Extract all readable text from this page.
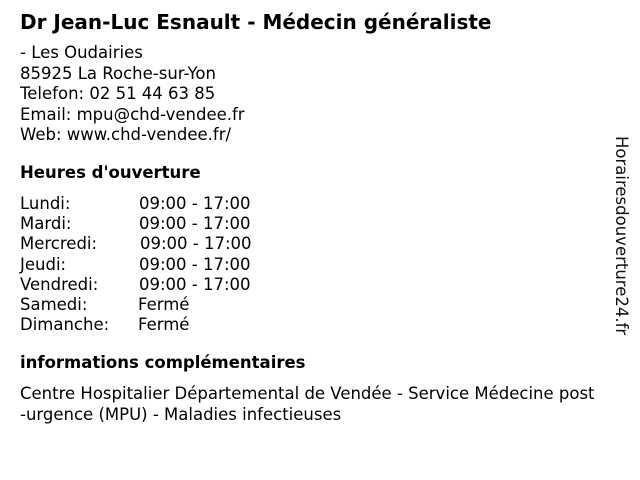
Dr Jean-Luc Esnault - Médecin généraliste
- Les Oudairies
85925 La Roche-sur-Yon
Telefon: 02 51 44 63 85
Email: mpu@chd-vendee.fr
Web: www.chd-vendee.fr/
Heures d'ouverture
Lundi:	09:00 - 17:00
Mardi:	09:00 - 17:00
Mercredi:	09:00 - 17:00
Jeudi:	09:00 - 17:00
Vendredi: 09:00 - 17:00
Samedi:	Fermé
Dimanche: Fermé
informations complémentaires
Centre Hospitalier Départemental de Vendée - Service Médecine post
-urgence (MPU) - Maladies infectieuses
Horairesdouverture24.fr
